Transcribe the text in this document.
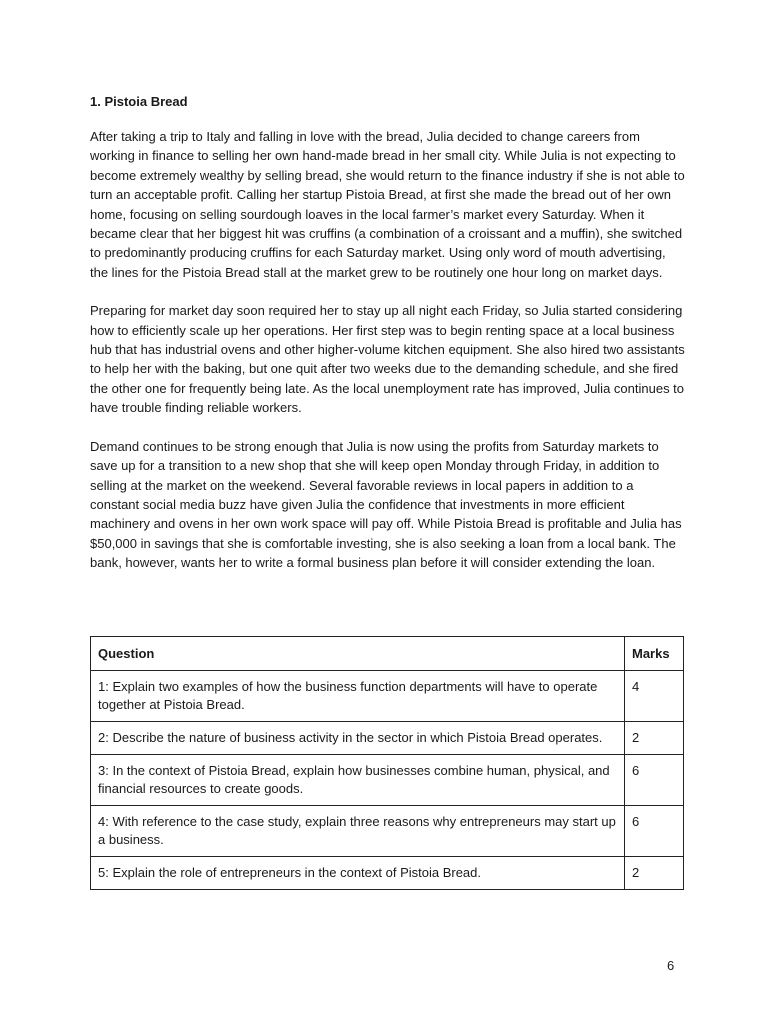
1. Pistoia Bread

After taking a trip to Italy and falling in love with the bread, Julia decided to change careers from working in finance to selling her own hand-made bread in her small city. While Julia is not expecting to become extremely wealthy by selling bread, she would return to the finance industry if she is not able to turn an acceptable profit. Calling her startup Pistoia Bread, at first she made the bread out of her own home, focusing on selling sourdough loaves in the local farmer’s market every Saturday. When it became clear that her biggest hit was cruffins (a combination of a croissant and a muffin), she switched to predominantly producing cruffins for each Saturday market. Using only word of mouth advertising, the lines for the Pistoia Bread stall at the market grew to be routinely one hour long on market days.

Preparing for market day soon required her to stay up all night each Friday, so Julia started considering how to efficiently scale up her operations. Her first step was to begin renting space at a local business hub that has industrial ovens and other higher-volume kitchen equipment. She also hired two assistants to help her with the baking, but one quit after two weeks due to the demanding schedule, and she fired the other one for frequently being late. As the local unemployment rate has improved, Julia continues to have trouble finding reliable workers.

Demand continues to be strong enough that Julia is now using the profits from Saturday markets to save up for a transition to a new shop that she will keep open Monday through Friday, in addition to selling at the market on the weekend. Several favorable reviews in local papers in addition to a constant social media buzz have given Julia the confidence that investments in more efficient machinery and ovens in her own work space will pay off. While Pistoia Bread is profitable and Julia has $50,000 in savings that she is comfortable investing, she is also seeking a loan from a local bank. The bank, however, wants her to write a formal business plan before it will consider extending the loan.

Question	Marks
1: Explain two examples of how the business function departments will have to operate together at Pistoia Bread.	4
2: Describe the nature of business activity in the sector in which Pistoia Bread operates.	2
3: In the context of Pistoia Bread, explain how businesses combine human, physical, and financial resources to create goods.	6
4: With reference to the case study, explain three reasons why entrepreneurs may start up a business.	6
5: Explain the role of entrepreneurs in the context of Pistoia Bread.	2
6
